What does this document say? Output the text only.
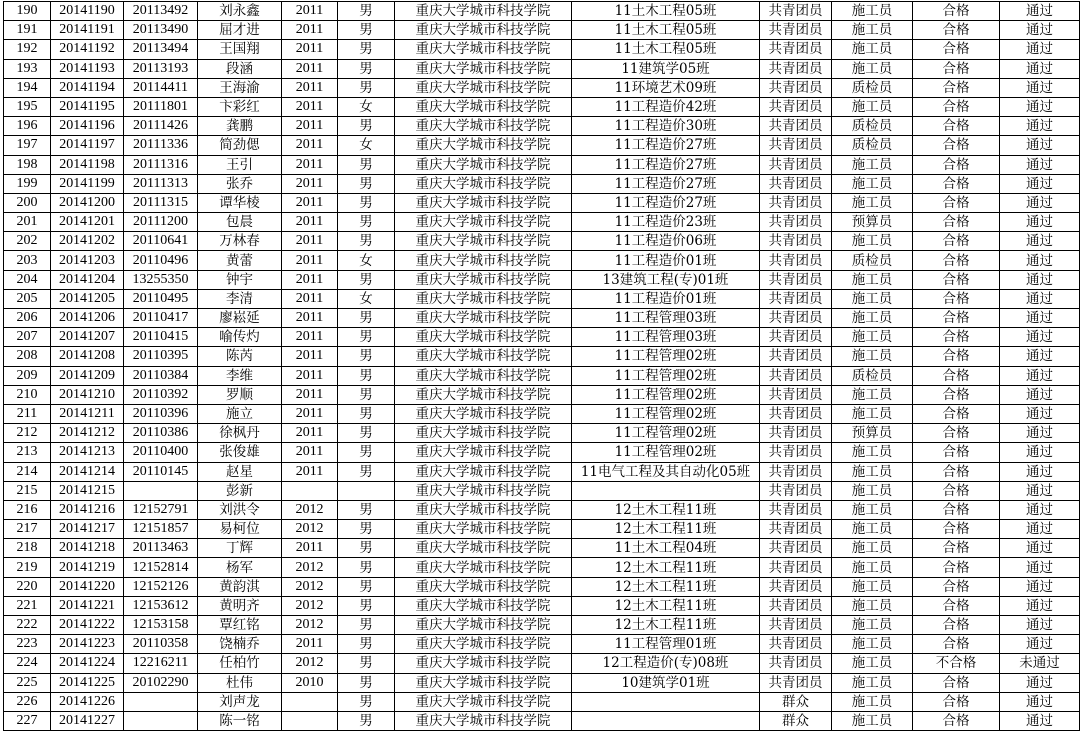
190	20141190	20113492	刘永鑫	2011	男	重庆大学城市科技学院	11土木工程05班	共青团员	施工员	合格	通过
191	20141191	20113490	屈才进	2011	男	重庆大学城市科技学院	11土木工程05班	共青团员	施工员	合格	通过
192	20141192	20113494	王国翔	2011	男	重庆大学城市科技学院	11土木工程05班	共青团员	施工员	合格	通过
193	20141193	20113193	段涵	2011	男	重庆大学城市科技学院	11建筑学05班	共青团员	施工员	合格	通过
194	20141194	20114411	王海渝	2011	男	重庆大学城市科技学院	11环境艺术09班	共青团员	质检员	合格	通过
195	20141195	20111801	卞彩红	2011	女	重庆大学城市科技学院	11工程造价42班	共青团员	施工员	合格	通过
196	20141196	20111426	龚鹏	2011	男	重庆大学城市科技学院	11工程造价30班	共青团员	质检员	合格	通过
197	20141197	20111336	简劲偲	2011	女	重庆大学城市科技学院	11工程造价27班	共青团员	质检员	合格	通过
198	20141198	20111316	王引	2011	男	重庆大学城市科技学院	11工程造价27班	共青团员	施工员	合格	通过
199	20141199	20111313	张乔	2011	男	重庆大学城市科技学院	11工程造价27班	共青团员	施工员	合格	通过
200	20141200	20111315	谭华棱	2011	男	重庆大学城市科技学院	11工程造价27班	共青团员	施工员	合格	通过
201	20141201	20111200	包晨	2011	男	重庆大学城市科技学院	11工程造价23班	共青团员	预算员	合格	通过
202	20141202	20110641	万林春	2011	男	重庆大学城市科技学院	11工程造价06班	共青团员	施工员	合格	通过
203	20141203	20110496	黄蕾	2011	女	重庆大学城市科技学院	11工程造价01班	共青团员	质检员	合格	通过
204	20141204	13255350	钟宇	2011	男	重庆大学城市科技学院	13建筑工程(专)01班	共青团员	施工员	合格	通过
205	20141205	20110495	李清	2011	女	重庆大学城市科技学院	11工程造价01班	共青团员	施工员	合格	通过
206	20141206	20110417	廖崧延	2011	男	重庆大学城市科技学院	11工程管理03班	共青团员	施工员	合格	通过
207	20141207	20110415	喻传灼	2011	男	重庆大学城市科技学院	11工程管理03班	共青团员	施工员	合格	通过
208	20141208	20110395	陈芮	2011	男	重庆大学城市科技学院	11工程管理02班	共青团员	施工员	合格	通过
209	20141209	20110384	李维	2011	男	重庆大学城市科技学院	11工程管理02班	共青团员	质检员	合格	通过
210	20141210	20110392	罗顺	2011	男	重庆大学城市科技学院	11工程管理02班	共青团员	施工员	合格	通过
211	20141211	20110396	施立	2011	男	重庆大学城市科技学院	11工程管理02班	共青团员	施工员	合格	通过
212	20141212	20110386	徐枫丹	2011	男	重庆大学城市科技学院	11工程管理02班	共青团员	预算员	合格	通过
213	20141213	20110400	张俊雄	2011	男	重庆大学城市科技学院	11工程管理02班	共青团员	施工员	合格	通过
214	20141214	20110145	赵星	2011	男	重庆大学城市科技学院	11电气工程及其自动化05班	共青团员	施工员	合格	通过
215	20141215		彭新			重庆大学城市科技学院		共青团员	施工员	合格	通过
216	20141216	12152791	刘洪令	2012	男	重庆大学城市科技学院	12土木工程11班	共青团员	施工员	合格	通过
217	20141217	12151857	易柯位	2012	男	重庆大学城市科技学院	12土木工程11班	共青团员	施工员	合格	通过
218	20141218	20113463	丁辉	2011	男	重庆大学城市科技学院	11土木工程04班	共青团员	施工员	合格	通过
219	20141219	12152814	杨军	2012	男	重庆大学城市科技学院	12土木工程11班	共青团员	施工员	合格	通过
220	20141220	12152126	黄韵淇	2012	男	重庆大学城市科技学院	12土木工程11班	共青团员	施工员	合格	通过
221	20141221	12153612	黄明齐	2012	男	重庆大学城市科技学院	12土木工程11班	共青团员	施工员	合格	通过
222	20141222	12153158	覃红铭	2012	男	重庆大学城市科技学院	12土木工程11班	共青团员	施工员	合格	通过
223	20141223	20110358	饶楠乔	2011	男	重庆大学城市科技学院	11工程管理01班	共青团员	施工员	合格	通过
224	20141224	12216211	任柏竹	2012	男	重庆大学城市科技学院	12工程造价(专)08班	共青团员	施工员	不合格	未通过
225	20141225	20102290	杜伟	2010	男	重庆大学城市科技学院	10建筑学01班	共青团员	施工员	合格	通过
226	20141226		刘声龙		男	重庆大学城市科技学院		群众	施工员	合格	通过
227	20141227		陈一铭		男	重庆大学城市科技学院		群众	施工员	合格	通过
